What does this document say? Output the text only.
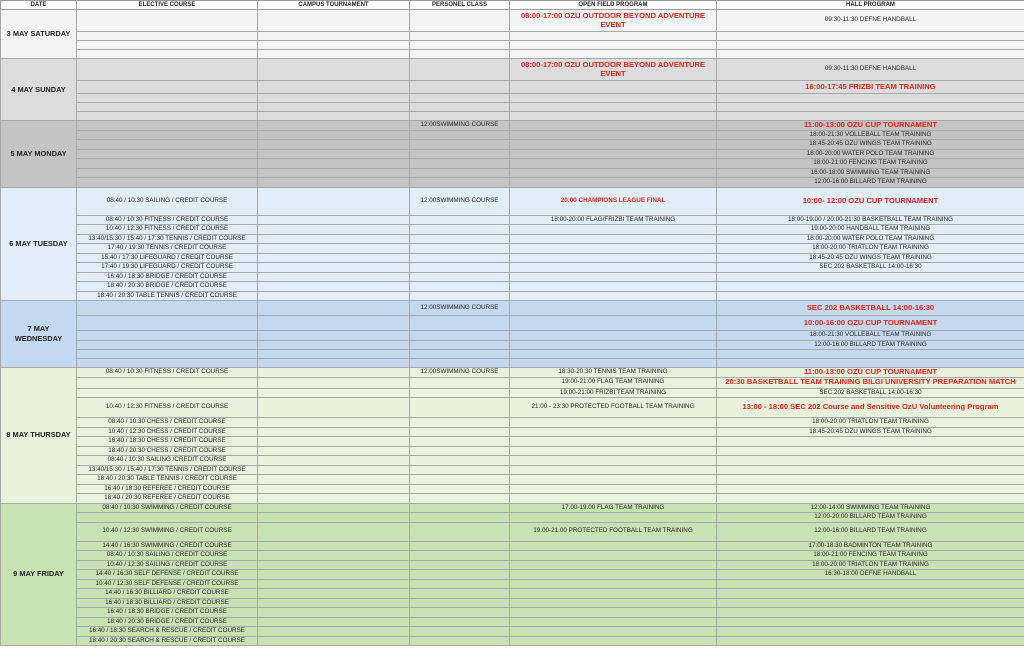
DATE	ELECTIVE COURSE	CAMPUS TOURNAMENT	PERSONEL CLASS	OPEN FIELD PROGRAM	HALL PROGRAM
3 MAY SATURDAY				08:00-17:00 OZU OUTDOOR BEYOND ADVENTURE EVENT	09:30-11:30 DEFNE HANDBALL

4 MAY SUNDAY				08:00-17:00 OZU OUTDOOR BEYOND ADVENTURE EVENT	09:30-11:30 DEFNE HANDBALL
					16:00-17:45 FRIZBI TEAM TRAINING

5 MAY MONDAY			12:00SWIMMING COURSE		11:00-13:00 OZU CUP TOURNAMENT
					18:00-21:30 VOLLEBALL TEAM TRAINING
					18:45-20:45 OZU WINGS TEAM TRAINING
					18:00-20:00 WATER POLO TEAM TRAINING
					18:00-21:00 FENCING TEAM TRAINING
					16:00-18:00 SWIMMING TEAM TRAINING
					12:00-16:00 BILLARD TEAM TRAINING
6 MAY TUESDAY	08:40 / 10:30 SAILING / CREDIT COURSE		12:00SWIMMING COURSE	20:00 CHAMPIONS LEAGUE FINAL	10:00- 12:00 OZU CUP TOURNAMENT
	08:40 / 10:30 FITNESS / CREDIT COURSE			18:00-20:00 FLAG/FRIZBI TEAM TRAINING	18:00-19:00 / 20:00-21:30 BASKETBALL TEAM TRAINING
	10:40 / 12:30 FITNESS / CREDIT COURSE				19:00-20:00 HANDBALL TEAM TRAINING
	13:40/15:30 / 15:40 / 17:30 TENNIS / CREDIT COURSE				18:00-20:00 WATER POLO TEAM TRAINING
	17:40 / 19:30 TENNIS / CREDIT COURSE				18:00-20:00 TRIATLON TEAM TRAINING
	15:40 / 17:30 LIFEGUARD / CREDIT COURSE				18:45-20:45 OZU WINGS TEAM TRAINING
	17:40 / 19:30 LIFEGUARD / CREDIT COURSE				SEC 202 BASKETBALL 14:00-16:30
	16:40 / 18:30 BRIDGE / CREDIT COURSE				
	18:40 / 20:30 BRIDGE / CREDIT COURSE				
	18:40 / 20:30 TABLE TENNIS / CREDIT COURSE				
7 MAY WEDNESDAY			12:00SWIMMING COURSE		SEC 202 BASKETBALL 14:00-16:30
					10:00-16:00 OZU CUP TOURNAMENT
					18:00-21:30 VOLLEBALL TEAM TRAINING
					12:00-16:00 BILLARD TEAM TRAINING

8 MAY THURSDAY	08:40 / 10:30 FITNESS / CREDIT COURSE		12:00SWIMMING COURSE	18:30-20:30 TENNIS TEAM TRAINING	11:00-13:00 OZU CUP TOURNAMENT
				19:00-21:00 FLAG TEAM TRAINING	20:30 BASKETBALL TEAM TRAINING BILGI UNIVERSITY PREPARATION MATCH
				19:00-21:00 FRIZBI TEAM TRAINING	SEC 202 BASKETBALL 14:00-16:30
	10:40 / 12:30 FITNESS / CREDIT COURSE			21:00 - 23:30 PROTECTED FOOTBALL TEAM TRAINING	13:00 - 18:00 SEC 202 Course and Sensitive OzU Volunteering Program
	08:40 / 10:30 CHESS / CREDIT COURSE				18:00-20:00 TRIATLON TEAM TRAINING
	10:40 / 12:30 CHESS / CREDIT COURSE				18:45-20:45 OZU WINGS TEAM TRAINING
	16:40 / 18:30 CHESS / CREDIT COURSE				
	18:40 / 20:30 CHESS / CREDIT COURSE				
	08:40 / 10:30 SAILING /CREDIT COURSE				
	13:40/15:30 / 15:40 / 17:30 TENNIS / CREDIT COURSE				
	18:40 / 20:30 TABLE TENNIS / CREDIT COURSE				
	16:40 / 18:30 REFEREE / CREDIT COURSE				
	18:40 / 20:30 REFEREE / CREDIT COURSE				
9 MAY FRIDAY	08:40 / 10:30 SWIMMING / CREDIT COURSE			17.00-19.00 FLAG TEAM TRAINING	12:00-14:00 SWIMMING TEAM TRAINING
					12:00-20:00 BILLARD TEAM TRAINING
	10:40 / 12:30 SWIMMING / CREDIT COURSE			19.00-21.00 PROTECTED FOOTBALL TEAM TRAINING	12:00-16:00 BILLARD TEAM TRAINING
	14:40 / 16:30 SWIMMING / CREDIT COURSE				17:00-18:30 BADMINTON TEAM TRAINING
	08:40 / 10:30 SAILING / CREDIT COURSE				18:00-21:00 FENCING TEAM TRAINING
	10:40 / 12:30 SAILING / CREDIT COURSE				18:00-20:00 TRIATLON TEAM TRAINING
	14:40 / 16:30 SELF DEFENSE / CREDIT COURSE				16:30-18:00 DEFNE HANDBALL
	10:40 / 12:30 SELF DEFENSE / CREDIT COURSE				
	14:40 / 16:30 BILLIARD / CREDIT COURSE				
	16:40 / 18:30 BILLIARD / CREDIT COURSE				
	16:40 / 18:30 BRIDGE / CREDIT COURSE				
	18:40 / 20:30 BRIDGE / CREDIT COURSE				
	16:40 / 18:30 SEARCH & RESCUE / CREDIT COURSE				
	18:40 / 20:30 SEARCH & RESCUE / CREDIT COURSE				
